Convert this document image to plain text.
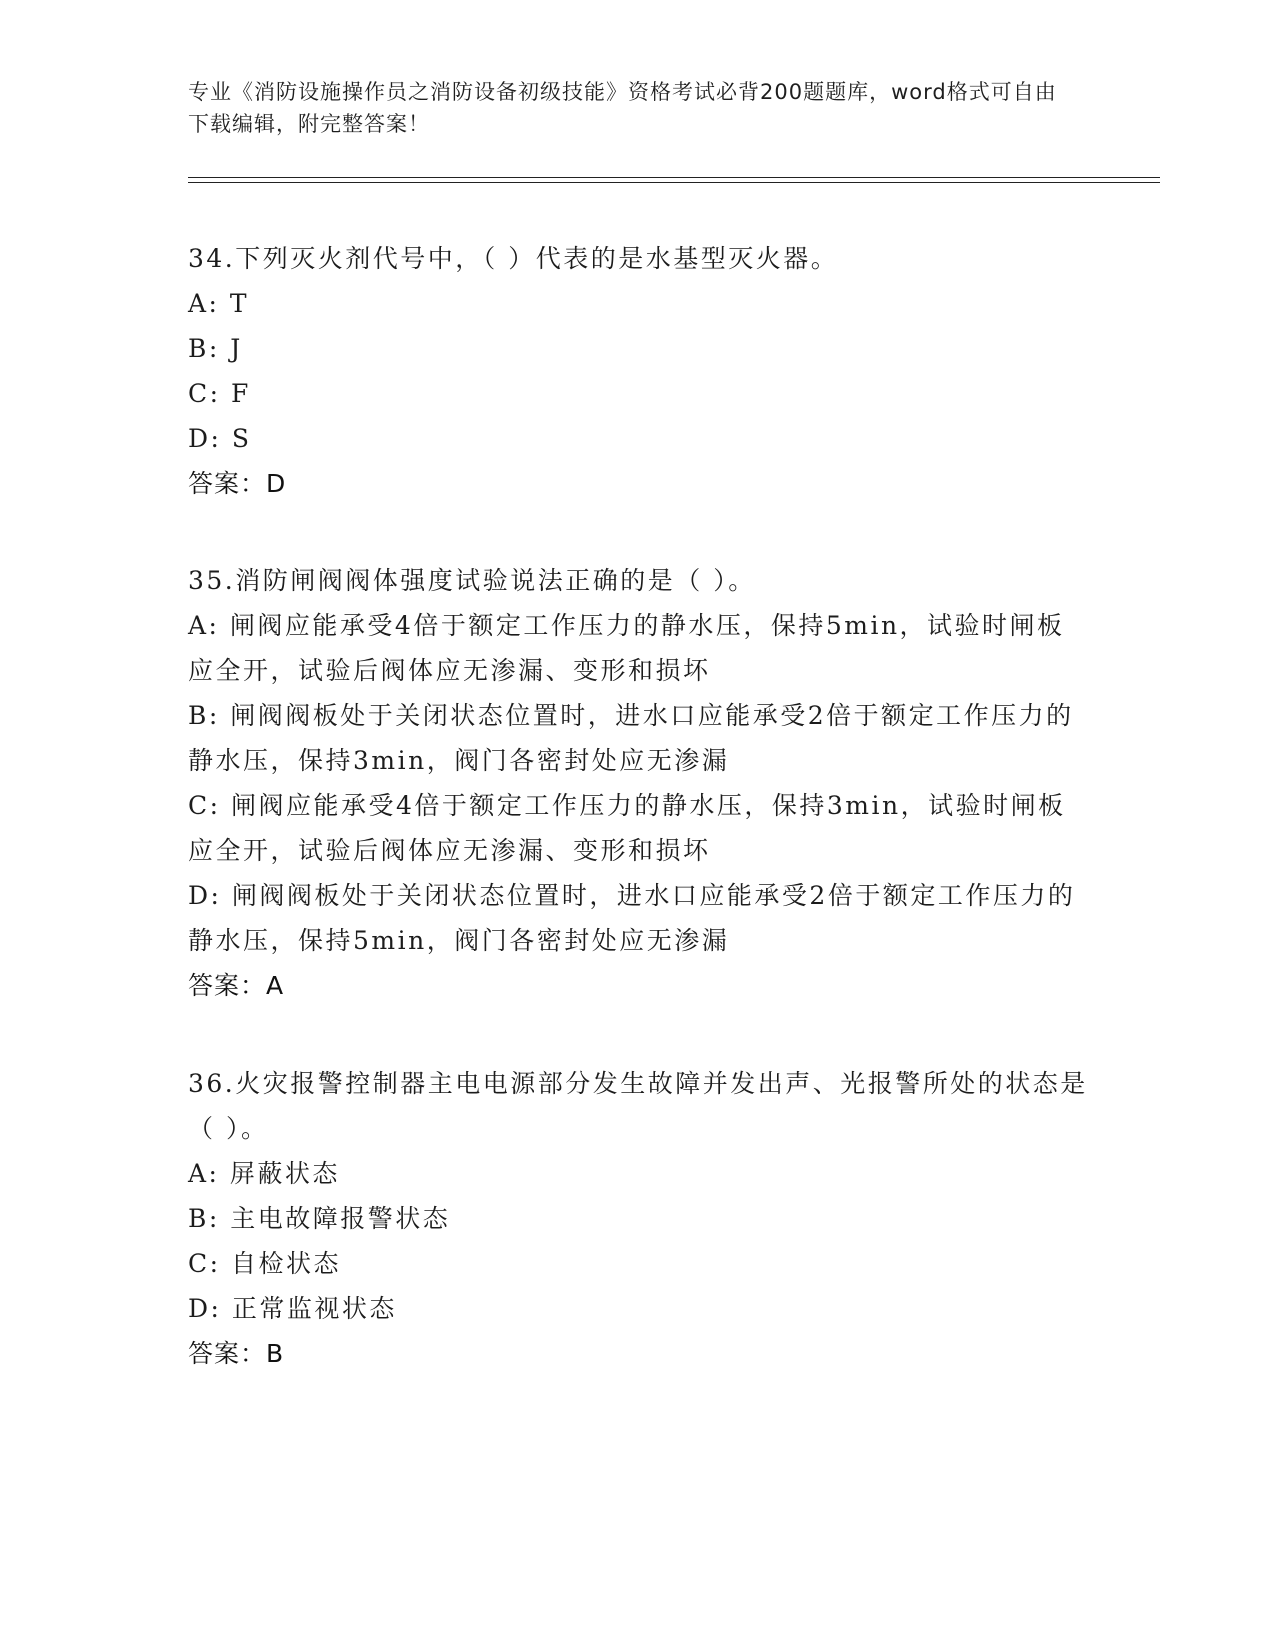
专业《消防设施操作员之消防设备初级技能》资格考试必背200题题库，word格式可自由下载编辑，附完整答案！

34.下列灭火剂代号中，（ ）代表的是水基型灭火器。

A: T

B: J

C: F

D: S

答案：D

35.消防闸阀阀体强度试验说法正确的是（ ）。

A: 闸阀应能承受4倍于额定工作压力的静水压，保持5min，试验时闸板应全开，试验后阀体应无渗漏、变形和损坏

B: 闸阀阀板处于关闭状态位置时，进水口应能承受2倍于额定工作压力的静水压，保持3min，阀门各密封处应无渗漏

C: 闸阀应能承受4倍于额定工作压力的静水压，保持3min，试验时闸板应全开，试验后阀体应无渗漏、变形和损坏

D: 闸阀阀板处于关闭状态位置时，进水口应能承受2倍于额定工作压力的静水压，保持5min，阀门各密封处应无渗漏

答案：A

36.火灾报警控制器主电电源部分发生故障并发出声、光报警所处的状态是（ ）。

A: 屏蔽状态

B: 主电故障报警状态

C: 自检状态

D: 正常监视状态

答案：B
